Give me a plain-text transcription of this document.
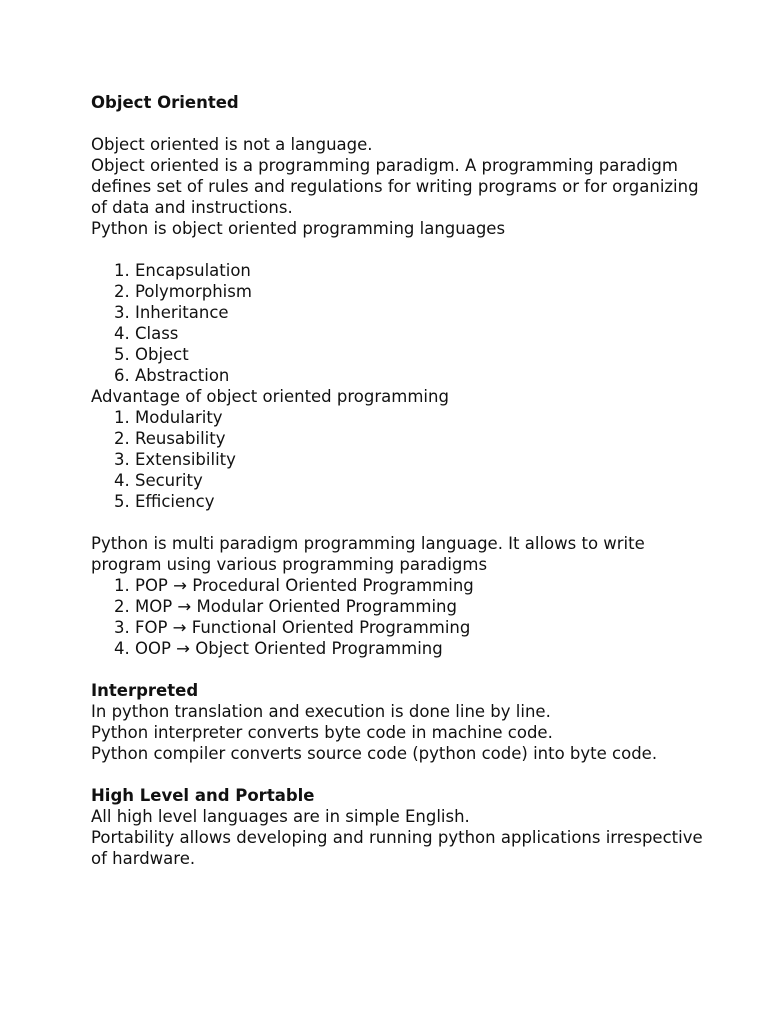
Object Oriented

Object oriented is not a language.

Object oriented is a programming paradigm. A programming paradigm defines set of rules and regulations for writing programs or for organizing of data and instructions.

Python is object oriented programming languages

1. Encapsulation
2. Polymorphism
3. Inheritance
4. Class
5. Object
6. Abstraction

Advantage of object oriented programming

1. Modularity
2. Reusability
3. Extensibility
4. Security
5. Efficiency

Python is multi paradigm programming language. It allows to write program using various programming paradigms

1. POP → Procedural Oriented Programming
2. MOP → Modular Oriented Programming
3. FOP → Functional Oriented Programming
4. OOP → Object Oriented Programming

Interpreted

In python translation and execution is done line by line.

Python interpreter converts byte code in machine code.

Python compiler converts source code (python code) into byte code.

High Level and Portable

All high level languages are in simple English.

Portability allows developing and running python applications irrespective of hardware.
